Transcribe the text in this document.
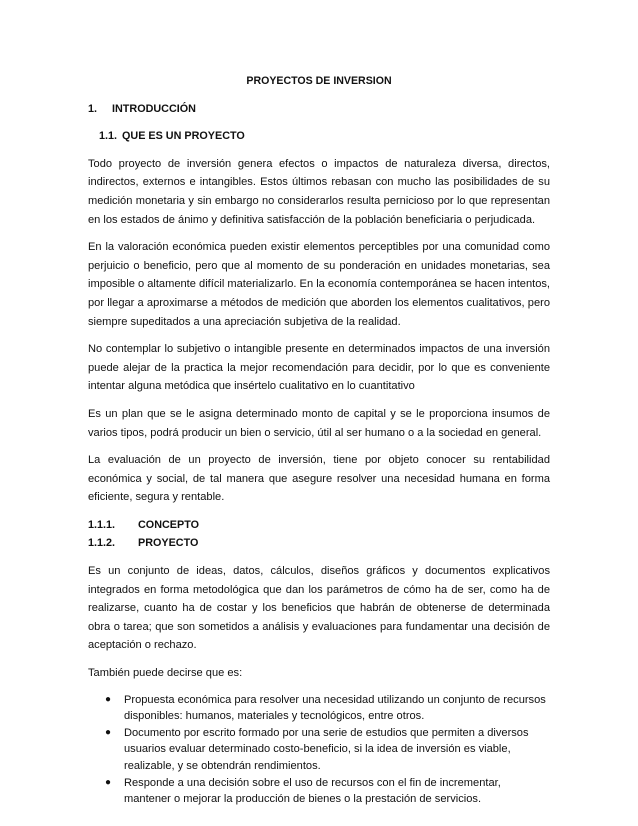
PROYECTOS DE INVERSION
1. INTRODUCCIÓN
1.1. QUE ES UN PROYECTO

Todo proyecto de inversión genera efectos o impactos de naturaleza diversa, directos, indirectos, externos e intangibles. Estos últimos rebasan con mucho las posibilidades de su medición monetaria y sin embargo no considerarlos resulta pernicioso por lo que representan en los estados de ánimo y definitiva satisfacción de la población beneficiaria o perjudicada.

En la valoración económica pueden existir elementos perceptibles por una comunidad como perjuicio o beneficio, pero que al momento de su ponderación en unidades monetarias, sea imposible o altamente difícil materializarlo. En la economía contemporánea se hacen intentos, por llegar a aproximarse a métodos de medición que aborden los elementos cualitativos, pero siempre supeditados a una apreciación subjetiva de la realidad.

No contemplar lo subjetivo o intangible presente en determinados impactos de una inversión puede alejar de la practica la mejor recomendación para decidir, por lo que es conveniente intentar alguna metódica que insértelo cualitativo en lo cuantitativo

Es un plan que se le asigna determinado monto de capital y se le proporciona insumos de varios tipos, podrá producir un bien o servicio, útil al ser humano o a la sociedad en general.

La evaluación de un proyecto de inversión, tiene por objeto conocer su rentabilidad económica y social, de tal manera que asegure resolver una necesidad humana en forma eficiente, segura y rentable.

1.1.1. CONCEPTO
1.1.2. PROYECTO

Es un conjunto de ideas, datos, cálculos, diseños gráficos y documentos explicativos integrados en forma metodológica que dan los parámetros de cómo ha de ser, como ha de realizarse, cuanto ha de costar y los beneficios que habrán de obtenerse de determinada obra o tarea; que son sometidos a análisis y evaluaciones para fundamentar una decisión de aceptación o rechazo.

También puede decirse que es:

● Propuesta económica para resolver una necesidad utilizando un conjunto de recursos disponibles: humanos, materiales y tecnológicos, entre otros.
● Documento por escrito formado por una serie de estudios que permiten a diversos usuarios evaluar determinado costo-beneficio, si la idea de inversión es viable, realizable, y se obtendrán rendimientos.
● Responde a una decisión sobre el uso de recursos con el fin de incrementar, mantener o mejorar la producción de bienes o la prestación de servicios.
